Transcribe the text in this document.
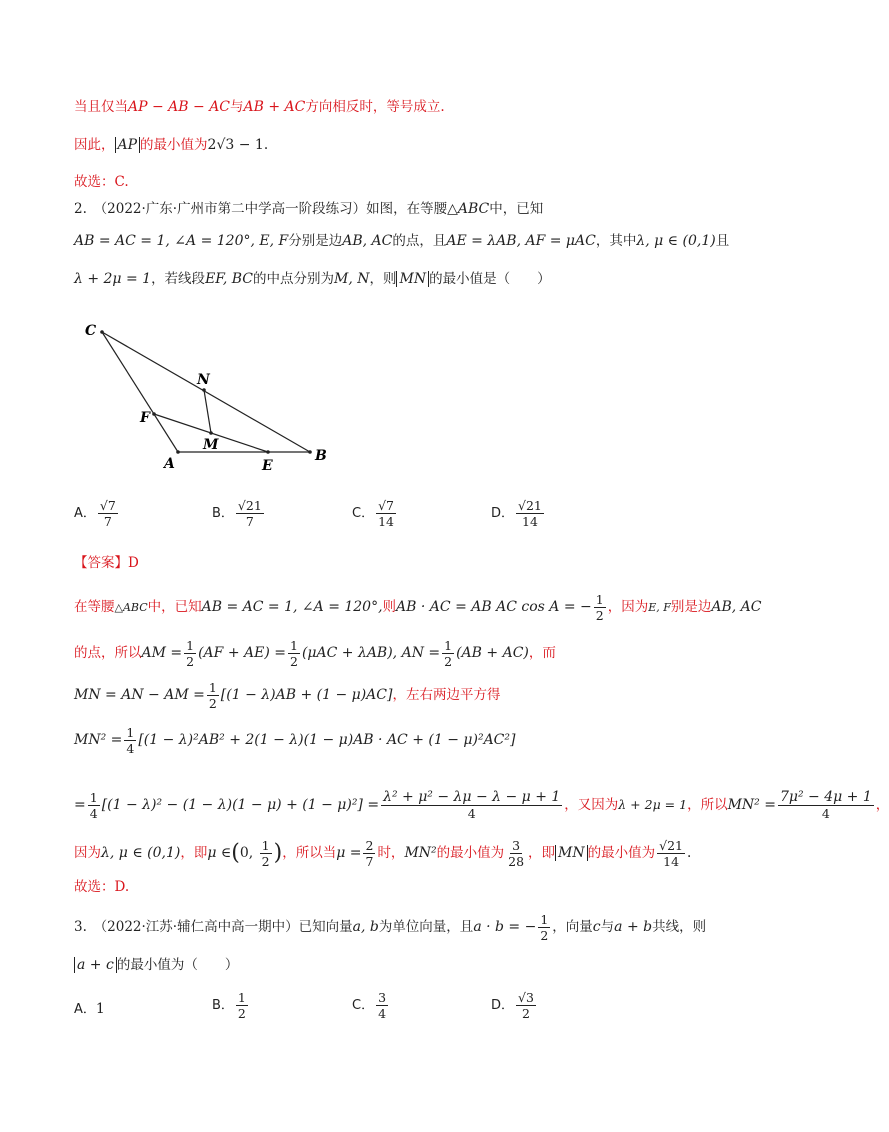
当且仅当AP − AB − AC与AB + AC方向相反时，等号成立.
因此， AP 的最小值为2√3 − 1.
故选：C.
2.　 （2022·广东·广州市第二中学高一阶段练习）如图，在等腰△ABC中，已知
AB = AC = 1, ∠A = 120°, E, F分别是边AB, AC的点，且AE = λAB, AF = μAC，其中λ, μ ∈ (0,1)且
λ + 2μ = 1，若线段EF, BC的中点分别为M, N，则 MN 的最小值是（　　）
C
N
F
M
A	E
B
A． $\frac{√7}{7}$	B． $\frac{√21}{7}$	C． $\frac{√7}{14}$	D． $\frac{√21}{14}$
【答案】D
在等腰△ABC中，已知AB = AC = 1, ∠A = 120°,则AB · AC = AB AC cos A = − $\frac{1}{2}$ ，因为E, F别是边AB, AC
的点，所以AM = $\frac{1}{2} (AF + AE) = \frac{1}{2} (\mu AC + \lambda AB)$, AN = $\frac{1}{2} (AB + AC)$，而
MN = AN − AM = $\frac{1}{2} [(1 - \lambda)AB + (1 - \mu)AC]$，左右两边平方得
$MN^2 = \frac{1}{4} [(1 - \lambda)^2AB^2 + 2(1 - \lambda)(1 - \mu)AB$ · AC + (1 − μ)²AC²]
= $\frac{1}{4} [(1 - \lambda)^2 - (1 - \lambda)(1 - \mu) + (1 - \mu)^2] = \frac{\text{λ² + μ² − λμ − λ − μ + 1}}{4}$ ，又因为λ + 2μ = 1，所以$MN^2 = \frac{\text{7μ² − 4μ + 1}}{4}$ ，
因为λ, μ ∈ (0,1)，即μ ∈(0, $\frac{1}{2}$ )，所以当$\mu = \frac{2}{7}$ 时，MN²的最小值为 $\frac{3}{28}$ ，即 MN 的最小值为 $\frac{√21}{14}$ .
故选：D.
3.　 （2022·江苏·辅仁高中高一期中）已知向量a, b为单位向量，且a · b = − $\frac{1}{2}$ ，向量c与a + b共线，则
a + c 的最小值为（　　）
A．1	B． $\frac{1}{2}$	C． $\frac{3}{4}$	D． $\frac{√3}{2}$
